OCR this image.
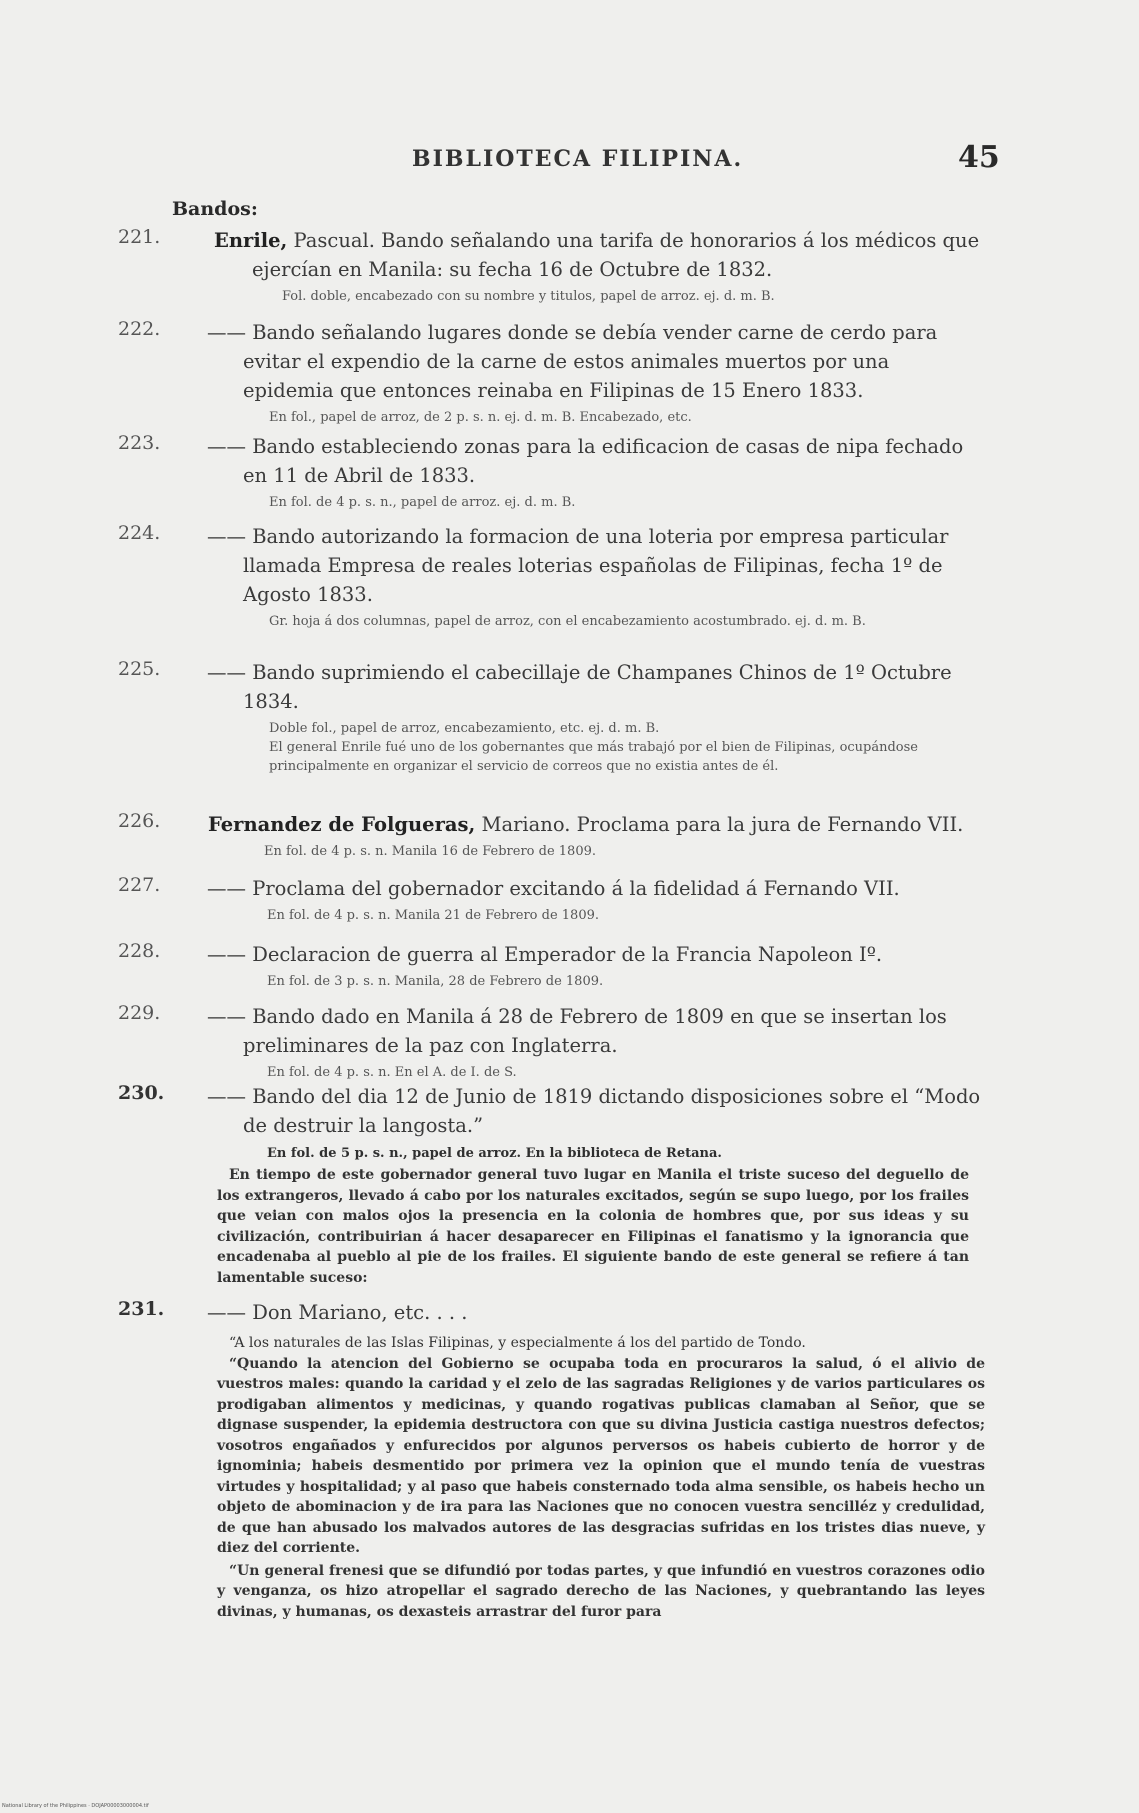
BIBLIOTECA FILIPINA.	45
Bandos:
221.	Enrile, Pascual. Bando señalando una tarifa de honorarios á los médicos que ejercían en Manila: su fecha 16 de Octubre de 1832.
Fol. doble, encabezado con su nombre y titulos, papel de arroz. ej. d. m. B.
222. —— Bando señalando lugares donde se debía vender carne de cerdo para evitar el expendio de la carne de estos animales muertos por una epidemia que entonces reinaba en Filipinas de 15 Enero 1833.
En fol., papel de arroz, de 2 p. s. n. ej. d. m. B. Encabezado, etc.
223. —— Bando estableciendo zonas para la edificacion de casas de nipa fechado en 11 de Abril de 1833.
En fol. de 4 p. s. n., papel de arroz. ej. d. m. B.
224. —— Bando autorizando la formacion de una loteria por empresa particular llamada Empresa de reales loterias españolas de Filipinas, fecha 1º de Agosto 1833.
Gr. hoja á dos columnas, papel de arroz, con el encabezamiento acostumbrado. ej. d. m. B.
225. —— Bando suprimiendo el cabecillaje de Champanes Chinos de 1º Octubre 1834.
Doble fol., papel de arroz, encabezamiento, etc. ej. d. m. B.
El general Enrile fué uno de los gobernantes que más trabajó por el bien de Filipinas, ocupándose principalmente en organizar el servicio de correos que no existia antes de él.
226. Fernandez de Folgueras, Mariano. Proclama para la jura de Fernando VII.
En fol. de 4 p. s. n. Manila 16 de Febrero de 1809.
227. —— Proclama del gobernador excitando á la fidelidad á Fernando VII.
En fol. de 4 p. s. n. Manila 21 de Febrero de 1809.
228. —— Declaracion de guerra al Emperador de la Francia Napoleon Iº.
En fol. de 3 p. s. n. Manila, 28 de Febrero de 1809.
229. —— Bando dado en Manila á 28 de Febrero de 1809 en que se insertan los preliminares de la paz con Inglaterra.
En fol. de 4 p. s. n. En el A. de I. de S.
230. —— Bando del dia 12 de Junio de 1819 dictando disposiciones sobre el “Modo de destruir la langosta.”
En fol. de 5 p. s. n., papel de arroz. En la biblioteca de Retana.
En tiempo de este gobernador general tuvo lugar en Manila el triste suceso del deguello de los extrangeros, llevado á cabo por los naturales excitados, según se supo luego, por los frailes que veian con malos ojos la presencia en la colonia de hombres que, por sus ideas y su civilización, contribuirian á hacer desaparecer en Filipinas el fanatismo y la ignorancia que encadenaba al pueblo al pie de los frailes. El siguiente bando de este general se refiere á tan lamentable suceso:
231. —— Don Mariano, etc. . . .
“A los naturales de las Islas Filipinas, y especialmente á los del partido de Tondo.
“Quando la atencion del Gobierno se ocupaba toda en procuraros la salud, ó el alivio de vuestros males: quando la caridad y el zelo de las sagradas Religiones y de varios particulares os prodigaban alimentos y medicinas, y quando rogativas publicas clamaban al Señor, que se dignase suspender, la epidemia destructora con que su divina Justicia castiga nuestros defectos; vosotros engañados y enfurecidos por algunos perversos os habeis cubierto de horror y de ignominia; habeis desmentido por primera vez la opinion que el mundo tenía de vuestras virtudes y hospitalidad; y al paso que habeis consternado toda alma sensible, os habeis hecho un objeto de abominacion y de ira para las Naciones que no conocen vuestra sencilléz y credulidad, de que han abusado los malvados autores de las desgracias sufridas en los tristes dias nueve, y diez del corriente.
“Un general frenesi que se difundió por todas partes, y que infundió en vuestros corazones odio y venganza, os hizo atropellar el sagrado derecho de las Naciones, y quebrantando las leyes divinas, y humanas, os dexasteis arrastrar del furor para
National Library of the Philippines · DOJAP00003000004.tif
